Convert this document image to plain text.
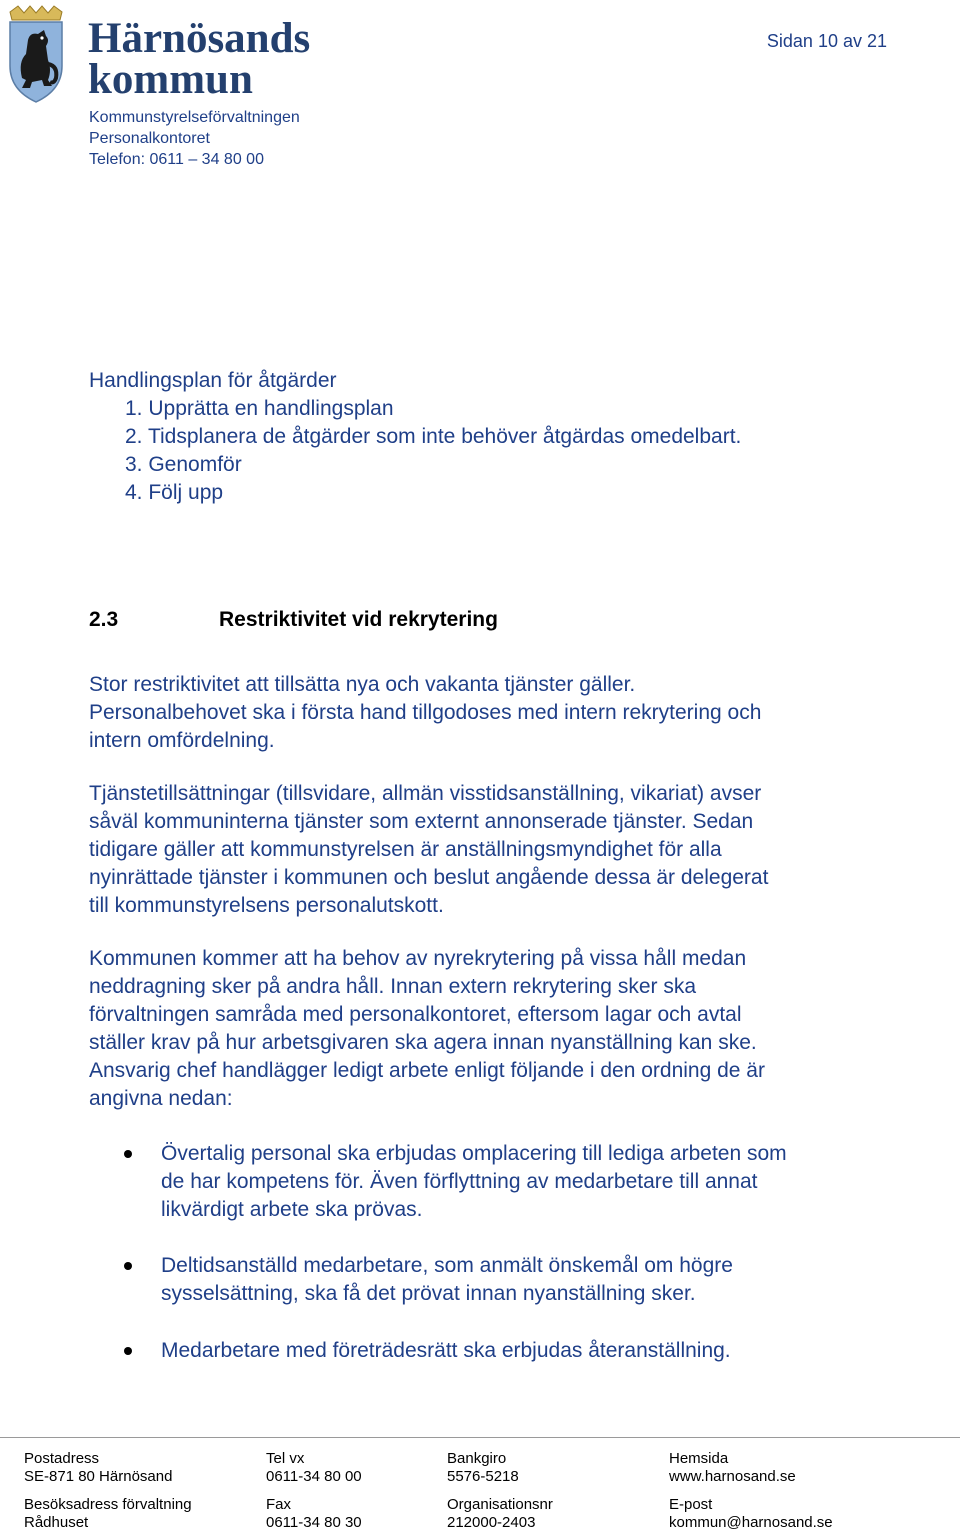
Härnösands
kommun
Kommunstyrelseförvaltningen
Personalkontoret
Telefon: 0611 – 34 80 00
Sidan 10 av 21
Handlingsplan för åtgärder
1. Upprätta en handlingsplan
2. Tidsplanera de åtgärder som inte behöver åtgärdas omedelbart.
3. Genomför
4. Följ upp
2.3	Restriktivitet vid rekrytering
Stor restriktivitet att tillsätta nya och vakanta tjänster gäller.
Personalbehovet ska i första hand tillgodoses med intern rekrytering och
intern omfördelning.
Tjänstetillsättningar (tillsvidare, allmän visstidsanställning, vikariat) avser
såväl kommuninterna tjänster som externt annonserade tjänster. Sedan
tidigare gäller att kommunstyrelsen är anställningsmyndighet för alla
nyinrättade tjänster i kommunen och beslut angående dessa är delegerat
till kommunstyrelsens personalutskott.
Kommunen kommer att ha behov av nyrekrytering på vissa håll medan
neddragning sker på andra håll. Innan extern rekrytering sker ska
förvaltningen samråda med personalkontoret, eftersom lagar och avtal
ställer krav på hur arbetsgivaren ska agera innan nyanställning kan ske.
Ansvarig chef handlägger ledigt arbete enligt följande i den ordning de är
angivna nedan:
Övertalig personal ska erbjudas omplacering till lediga arbeten som
de har kompetens för. Även förflyttning av medarbetare till annat
likvärdigt arbete ska prövas.
Deltidsanställd medarbetare, som anmält önskemål om högre
sysselsättning, ska få det prövat innan nyanställning sker.
Medarbetare med företrädesrätt ska erbjudas återanställning.
Postadress	Tel vx	Bankgiro	Hemsida
SE-871 80 Härnösand	0611-34 80 00	5576-5218	www.harnosand.se
Besöksadress förvaltning	Fax	Organisationsnr	E-post
Rådhuset	0611-34 80 30	212000-2403	kommun@harnosand.se
